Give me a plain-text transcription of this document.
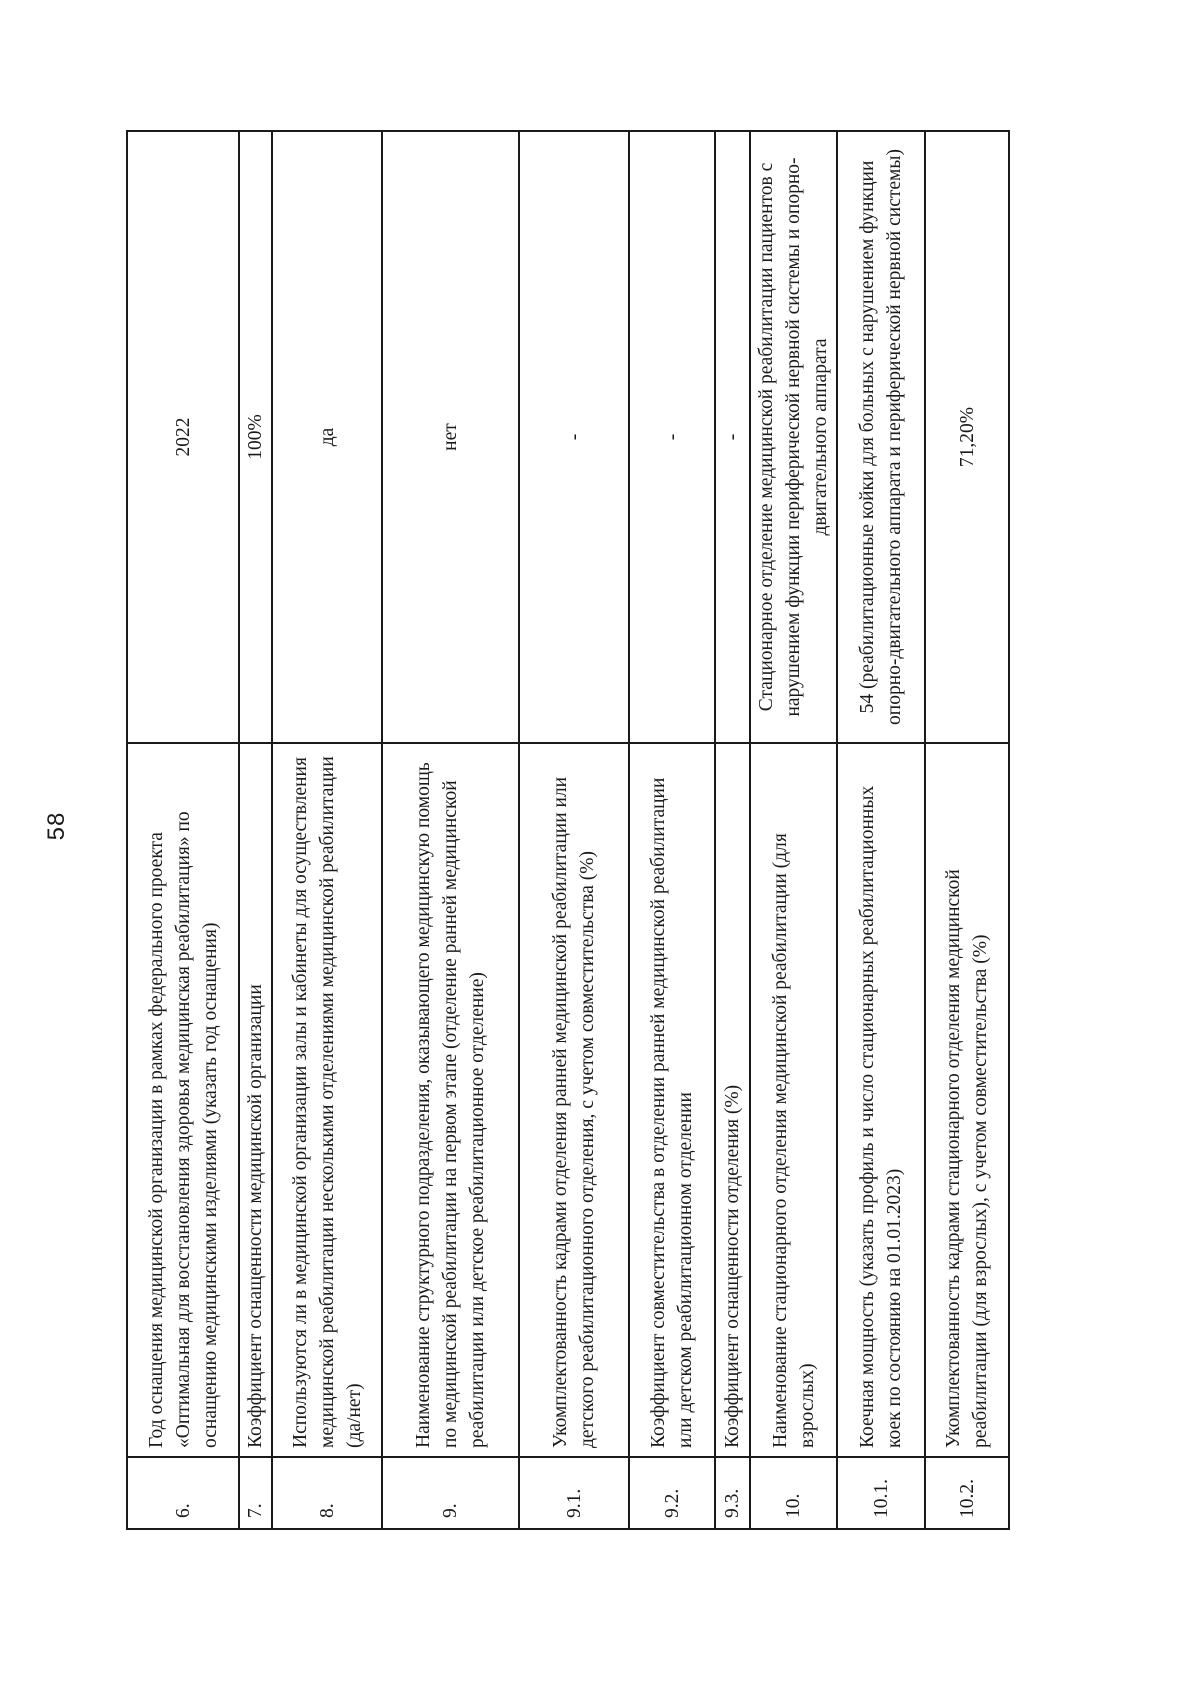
58
6.	Год оснащения медицинской организации в рамках федерального проекта «Оптимальная для восстановления здоровья медицинская реабилитация» по оснащению медицинскими изделиями (указать год оснащения)	2022
7.	Коэффициент оснащенности медицинской организации	100%
8.	Используются ли в медицинской организации залы и кабинеты для осуществления медицинской реабилитации несколькими отделениями медицинской реабилитации (да/нет)	да
9.	Наименование структурного подразделения, оказывающего медицинскую помощь по медицинской реабилитации на первом этапе (отделение ранней медицинской реабилитации или детское реабилитационное отделение)	нет
9.1.	Укомплектованность кадрами отделения ранней медицинской реабилитации или детского реабилитационного отделения, с учетом совместительства (%)	-
9.2.	Коэффициент совместительства в отделении ранней медицинской реабилитации или детском реабилитационном отделении	-
9.3.	Коэффициент оснащенности отделения (%)	-
10.	Наименование стационарного отделения медицинской реабилитации (для взрослых)	Стационарное отделение медицинской реабилитации пациентов с нарушением функции периферической нервной системы и опорно-двигательного аппарата
10.1.	Коечная мощность (указать профиль и число стационарных реабилитационных коек по состоянию на 01.01.2023)	54 (реабилитационные койки для больных с нарушением функции опорно-двигательного аппарата и периферической нервной системы)
10.2.	Укомплектованность кадрами стационарного отделения медицинской реабилитации (для взрослых), с учетом совместительства (%)	71,20%
